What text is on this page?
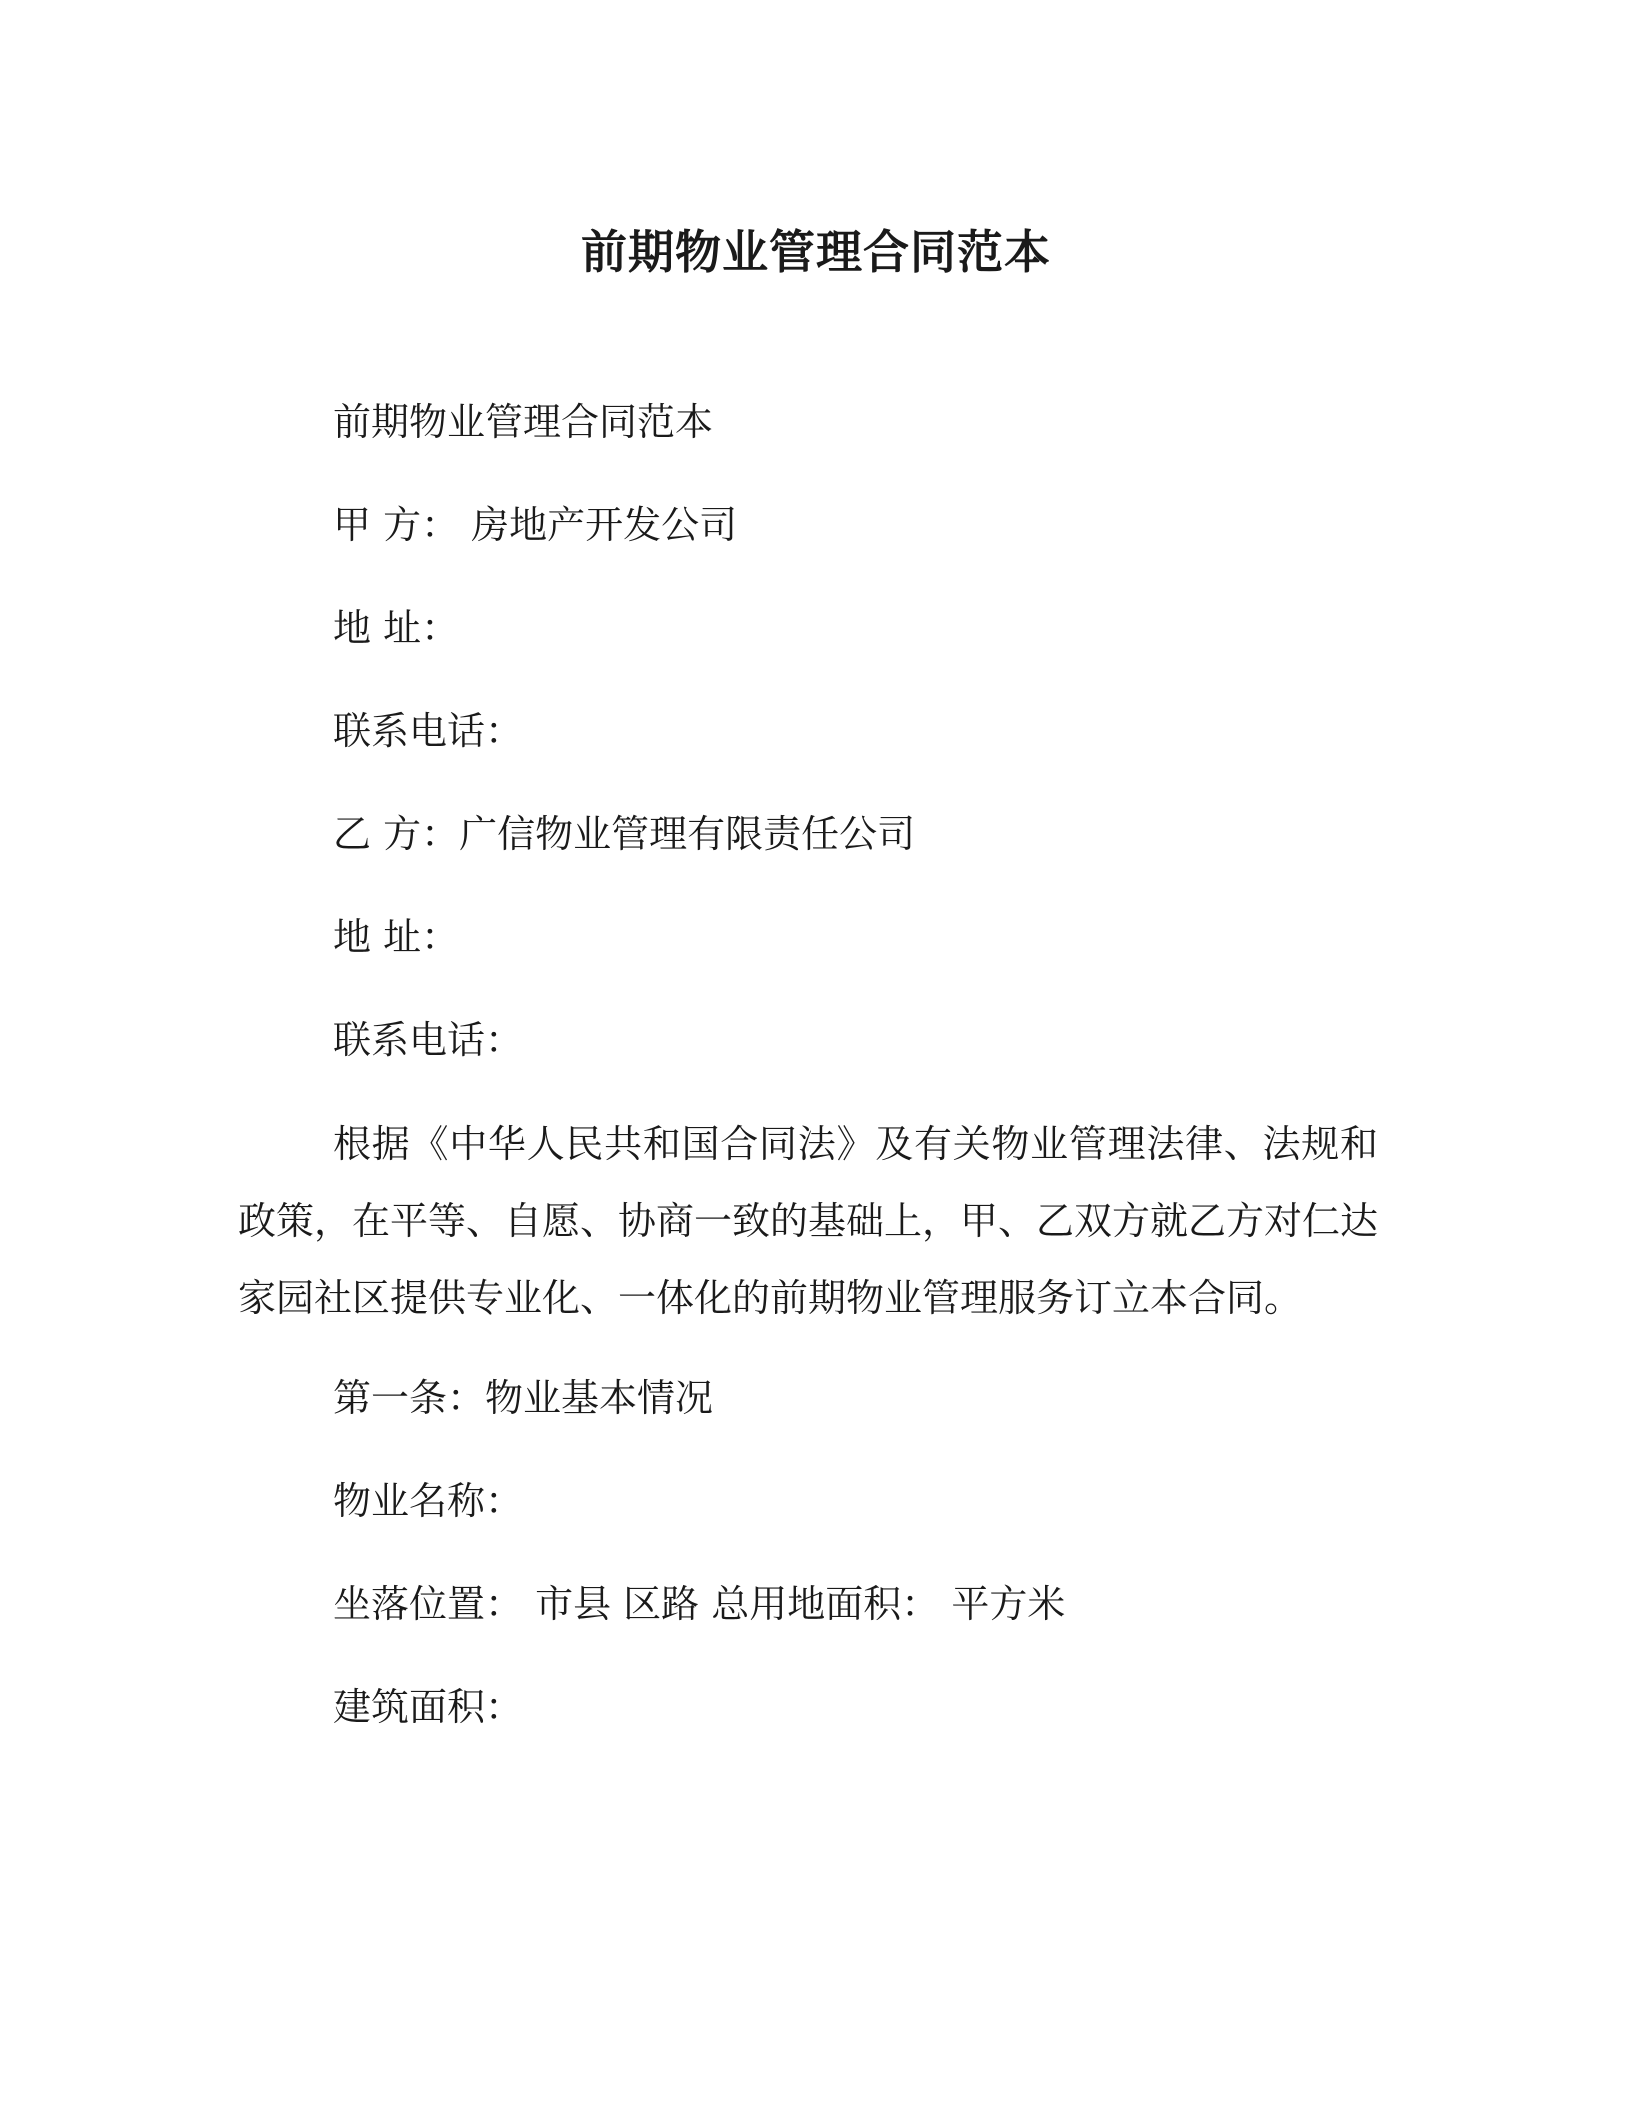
前期物业管理合同范本
前期物业管理合同范本
甲 方： 房地产开发公司
地 址：
联系电话：
乙 方：广信物业管理有限责任公司
地 址：
联系电话：
根据《中华人民共和国合同法》及有关物业管理法律、法规和政策，在平等、自愿、协商一致的基础上，甲、乙双方就乙方对仁达家园社区提供专业化、一体化的前期物业管理服务订立本合同。
第一条：物业基本情况
物业名称：
坐落位置： 市县 区路 总用地面积： 平方米
建筑面积：
